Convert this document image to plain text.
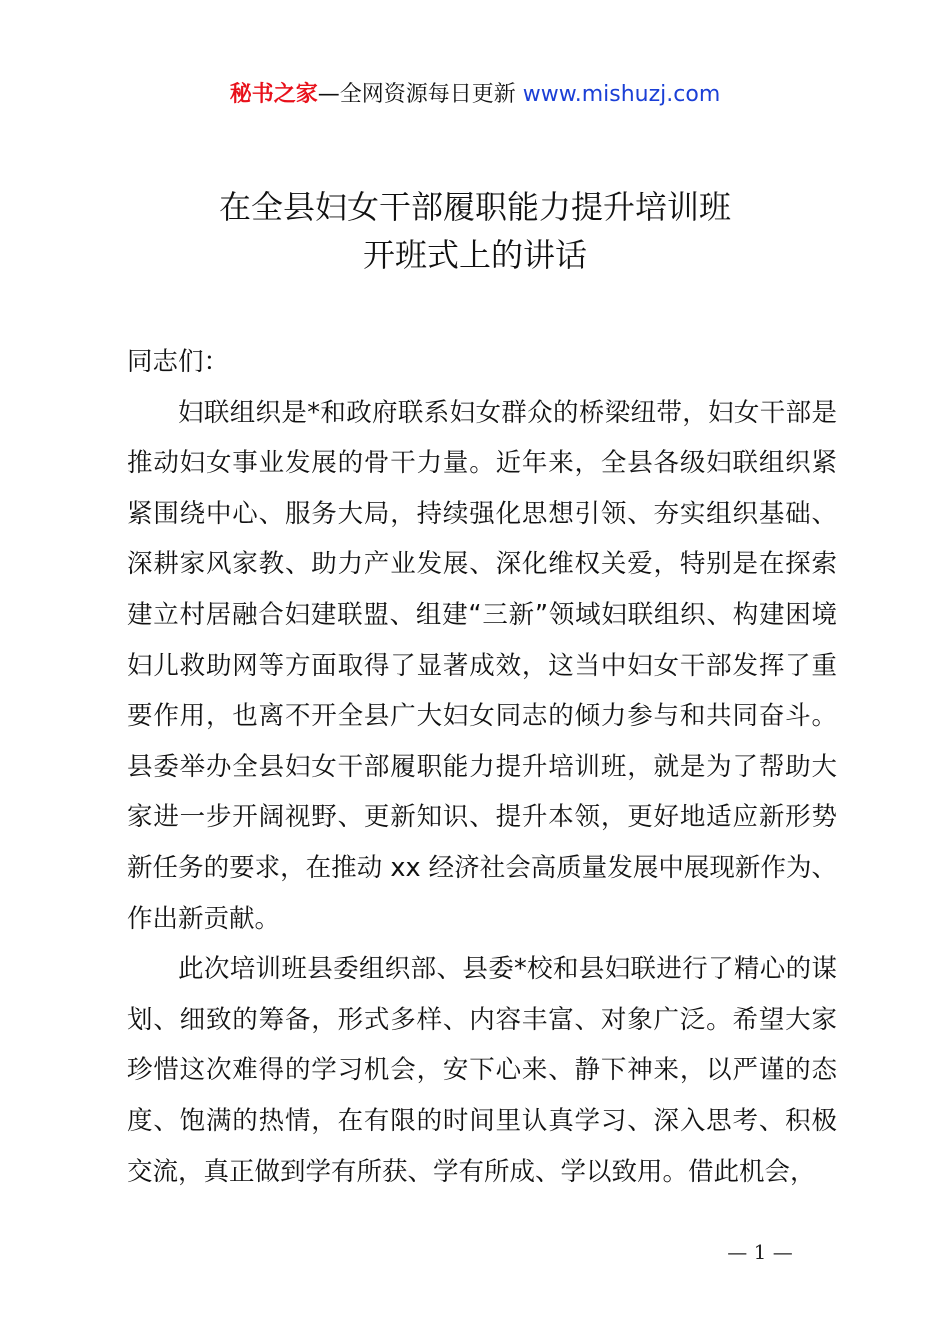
秘书之家—全网资源每日更新 www.mishuzj.com
在全县妇女干部履职能力提升培训班
开班式上的讲话

同志们：

妇联组织是*和政府联系妇女群众的桥梁纽带，妇女干部是推动妇女事业发展的骨干力量。近年来，全县各级妇联组织紧紧围绕中心、服务大局，持续强化思想引领、夯实组织基础、深耕家风家教、助力产业发展、深化维权关爱，特别是在探索建立村居融合妇建联盟、组建“三新”领域妇联组织、构建困境妇儿救助网等方面取得了显著成效，这当中妇女干部发挥了重要作用，也离不开全县广大妇女同志的倾力参与和共同奋斗。县委举办全县妇女干部履职能力提升培训班，就是为了帮助大家进一步开阔视野、更新知识、提升本领，更好地适应新形势新任务的要求，在推动 xx 经济社会高质量发展中展现新作为、作出新贡献。

此次培训班县委组织部、县委*校和县妇联进行了精心的谋划、细致的筹备，形式多样、内容丰富、对象广泛。希望大家珍惜这次难得的学习机会，安下心来、静下神来，以严谨的态度、饱满的热情，在有限的时间里认真学习、深入思考、积极交流，真正做到学有所获、学有所成、学以致用。借此机会，

— 1 —
